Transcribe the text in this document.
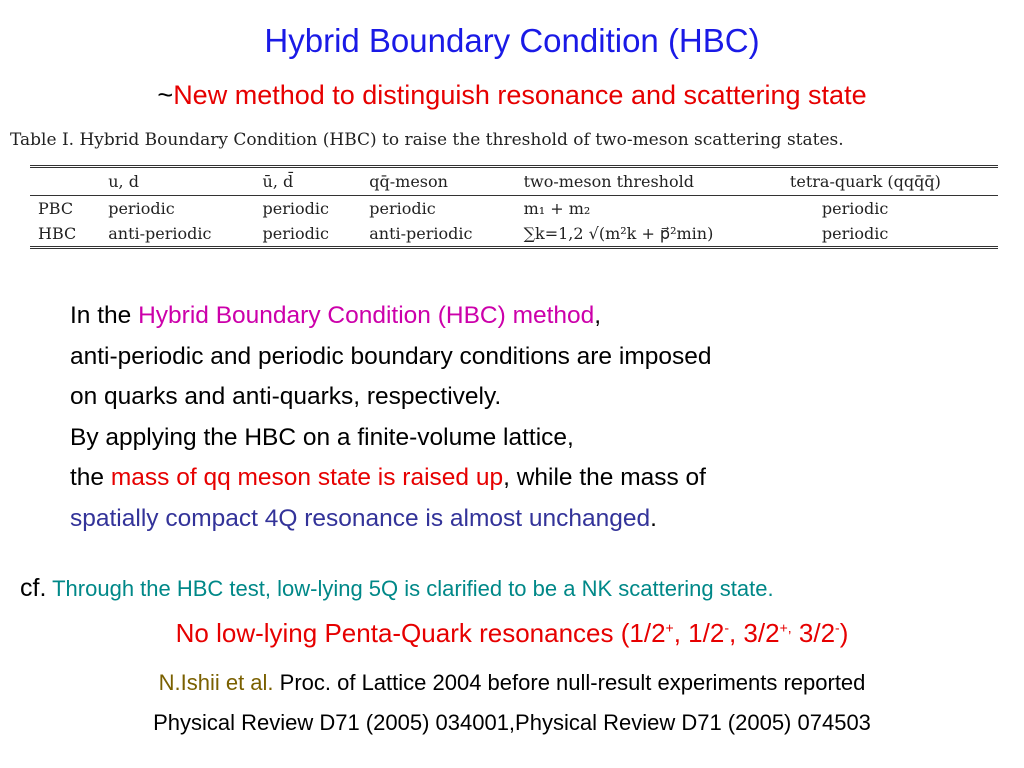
Hybrid Boundary Condition (HBC)
~New method to distinguish resonance and scattering state
Table I. Hybrid Boundary Condition (HBC) to raise the threshold of two-meson scattering states.
	u, d	ū, d̄	qq̄-meson	two-meson threshold	tetra-quark (qqq̄q̄)
PBC	periodic	periodic	periodic	m₁ + m₂	periodic
HBC	anti-periodic	periodic	anti-periodic	∑k=1,2 √(m²k + p⃗²min)	periodic
In the Hybrid Boundary Condition (HBC) method,
anti-periodic and periodic boundary conditions are imposed
on quarks and anti-quarks, respectively.
By applying the HBC on a finite-volume lattice,
the mass of qq meson state is raised up, while the mass of
spatially compact 4Q resonance is almost unchanged.
cf. Through the HBC test, low-lying 5Q is clarified to be a NK scattering state.
No low-lying Penta-Quark resonances (1/2+, 1/2-, 3/2+, 3/2-)
N.Ishii et al. Proc. of Lattice 2004 before null-result experiments reported
Physical Review D71 (2005) 034001,Physical Review D71 (2005) 074503
